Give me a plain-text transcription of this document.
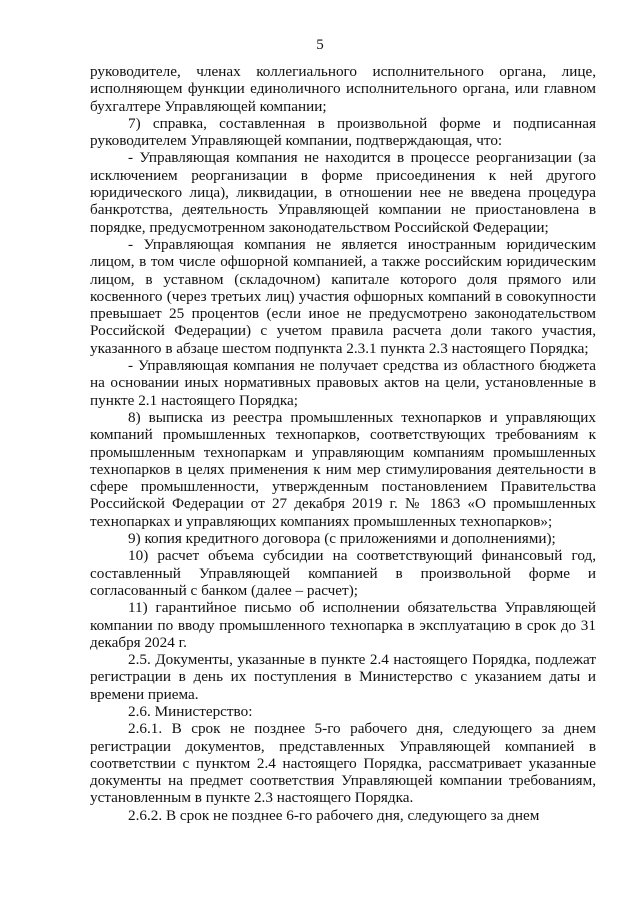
5

руководителе, членах коллегиального исполнительного органа, лице, исполняющем функции единоличного исполнительного органа, или главном бухгалтере Управляющей компании;

7) справка, составленная в произвольной форме и подписанная руководителем Управляющей компании, подтверждающая, что:

- Управляющая компания не находится в процессе реорганизации (за исключением реорганизации в форме присоединения к ней другого юридического лица), ликвидации, в отношении нее не введена процедура банкротства, деятельность Управляющей компании не приостановлена в порядке, предусмотренном законодательством Российской Федерации;

- Управляющая компания не является иностранным юридическим лицом, в том числе офшорной компанией, а также российским юридическим лицом, в уставном (складочном) капитале которого доля прямого или косвенного (через третьих лиц) участия офшорных компаний в совокупности превышает 25 процентов (если иное не предусмотрено законодательством Российской Федерации) с учетом правила расчета доли такого участия, указанного в абзаце шестом подпункта 2.3.1 пункта 2.3 настоящего Порядка;

- Управляющая компания не получает средства из областного бюджета на основании иных нормативных правовых актов на цели, установленные в пункте 2.1 настоящего Порядка;

8) выписка из реестра промышленных технопарков и управляющих компаний промышленных технопарков, соответствующих требованиям к промышленным технопаркам и управляющим компаниям промышленных технопарков в целях применения к ним мер стимулирования деятельности в сфере промышленности, утвержденным постановлением Правительства Российской Федерации от 27 декабря 2019 г. № 1863 «О промышленных технопарках и управляющих компаниях промышленных технопарков»;

9) копия кредитного договора (с приложениями и дополнениями);

10) расчет объема субсидии на соответствующий финансовый год, составленный Управляющей компанией в произвольной форме и согласованный с банком (далее – расчет);

11) гарантийное письмо об исполнении обязательства Управляющей компании по вводу промышленного технопарка в эксплуатацию в срок до 31 декабря 2024 г.

2.5. Документы, указанные в пункте 2.4 настоящего Порядка, подлежат регистрации в день их поступления в Министерство с указанием даты и времени приема.

2.6. Министерство:

2.6.1. В срок не позднее 5-го рабочего дня, следующего за днем регистрации документов, представленных Управляющей компанией в соответствии с пунктом 2.4 настоящего Порядка, рассматривает указанные документы на предмет соответствия Управляющей компании требованиям, установленным в пункте 2.3 настоящего Порядка.

2.6.2. В срок не позднее 6-го рабочего дня, следующего за днем
